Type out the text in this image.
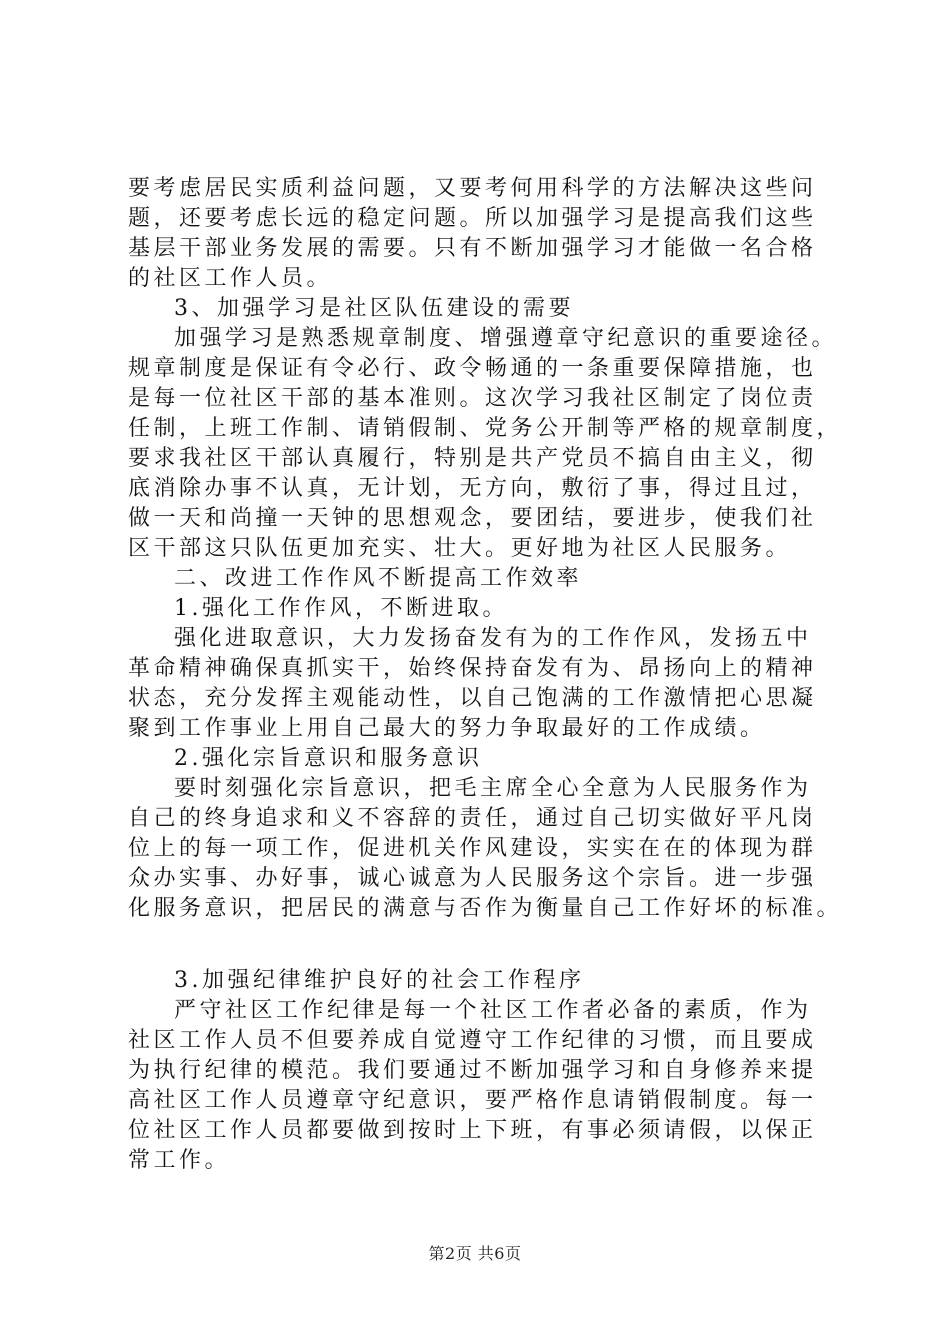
要考虑居民实质利益问题，又要考何用科学的方法解决这些问
题，还要考虑长远的稳定问题。所以加强学习是提高我们这些
基层干部业务发展的需要。只有不断加强学习才能做一名合格
的社区工作人员。
3、加强学习是社区队伍建设的需要
加强学习是熟悉规章制度、增强遵章守纪意识的重要途径。
规章制度是保证有令必行、政令畅通的一条重要保障措施，也
是每一位社区干部的基本准则。这次学习我社区制定了岗位责
任制，上班工作制、请销假制、党务公开制等严格的规章制度，
要求我社区干部认真履行，特别是共产党员不搞自由主义，彻
底消除办事不认真，无计划，无方向，敷衍了事，得过且过，
做一天和尚撞一天钟的思想观念，要团结，要进步，使我们社
区干部这只队伍更加充实、壮大。更好地为社区人民服务。
二、改进工作作风不断提高工作效率
1.强化工作作风，不断进取。
强化进取意识，大力发扬奋发有为的工作作风，发扬五中
革命精神确保真抓实干，始终保持奋发有为、昂扬向上的精神
状态，充分发挥主观能动性，以自己饱满的工作激情把心思凝
聚到工作事业上用自己最大的努力争取最好的工作成绩。
2.强化宗旨意识和服务意识
要时刻强化宗旨意识，把毛主席全心全意为人民服务作为
自己的终身追求和义不容辞的责任，通过自己切实做好平凡岗
位上的每一项工作，促进机关作风建设，实实在在的体现为群
众办实事、办好事，诚心诚意为人民服务这个宗旨。进一步强
化服务意识，把居民的满意与否作为衡量自己工作好坏的标准。
3.加强纪律维护良好的社会工作程序
严守社区工作纪律是每一个社区工作者必备的素质，作为
社区工作人员不但要养成自觉遵守工作纪律的习惯，而且要成
为执行纪律的模范。我们要通过不断加强学习和自身修养来提
高社区工作人员遵章守纪意识，要严格作息请销假制度。每一
位社区工作人员都要做到按时上下班，有事必须请假，以保正
常工作。
第2页 共6页
